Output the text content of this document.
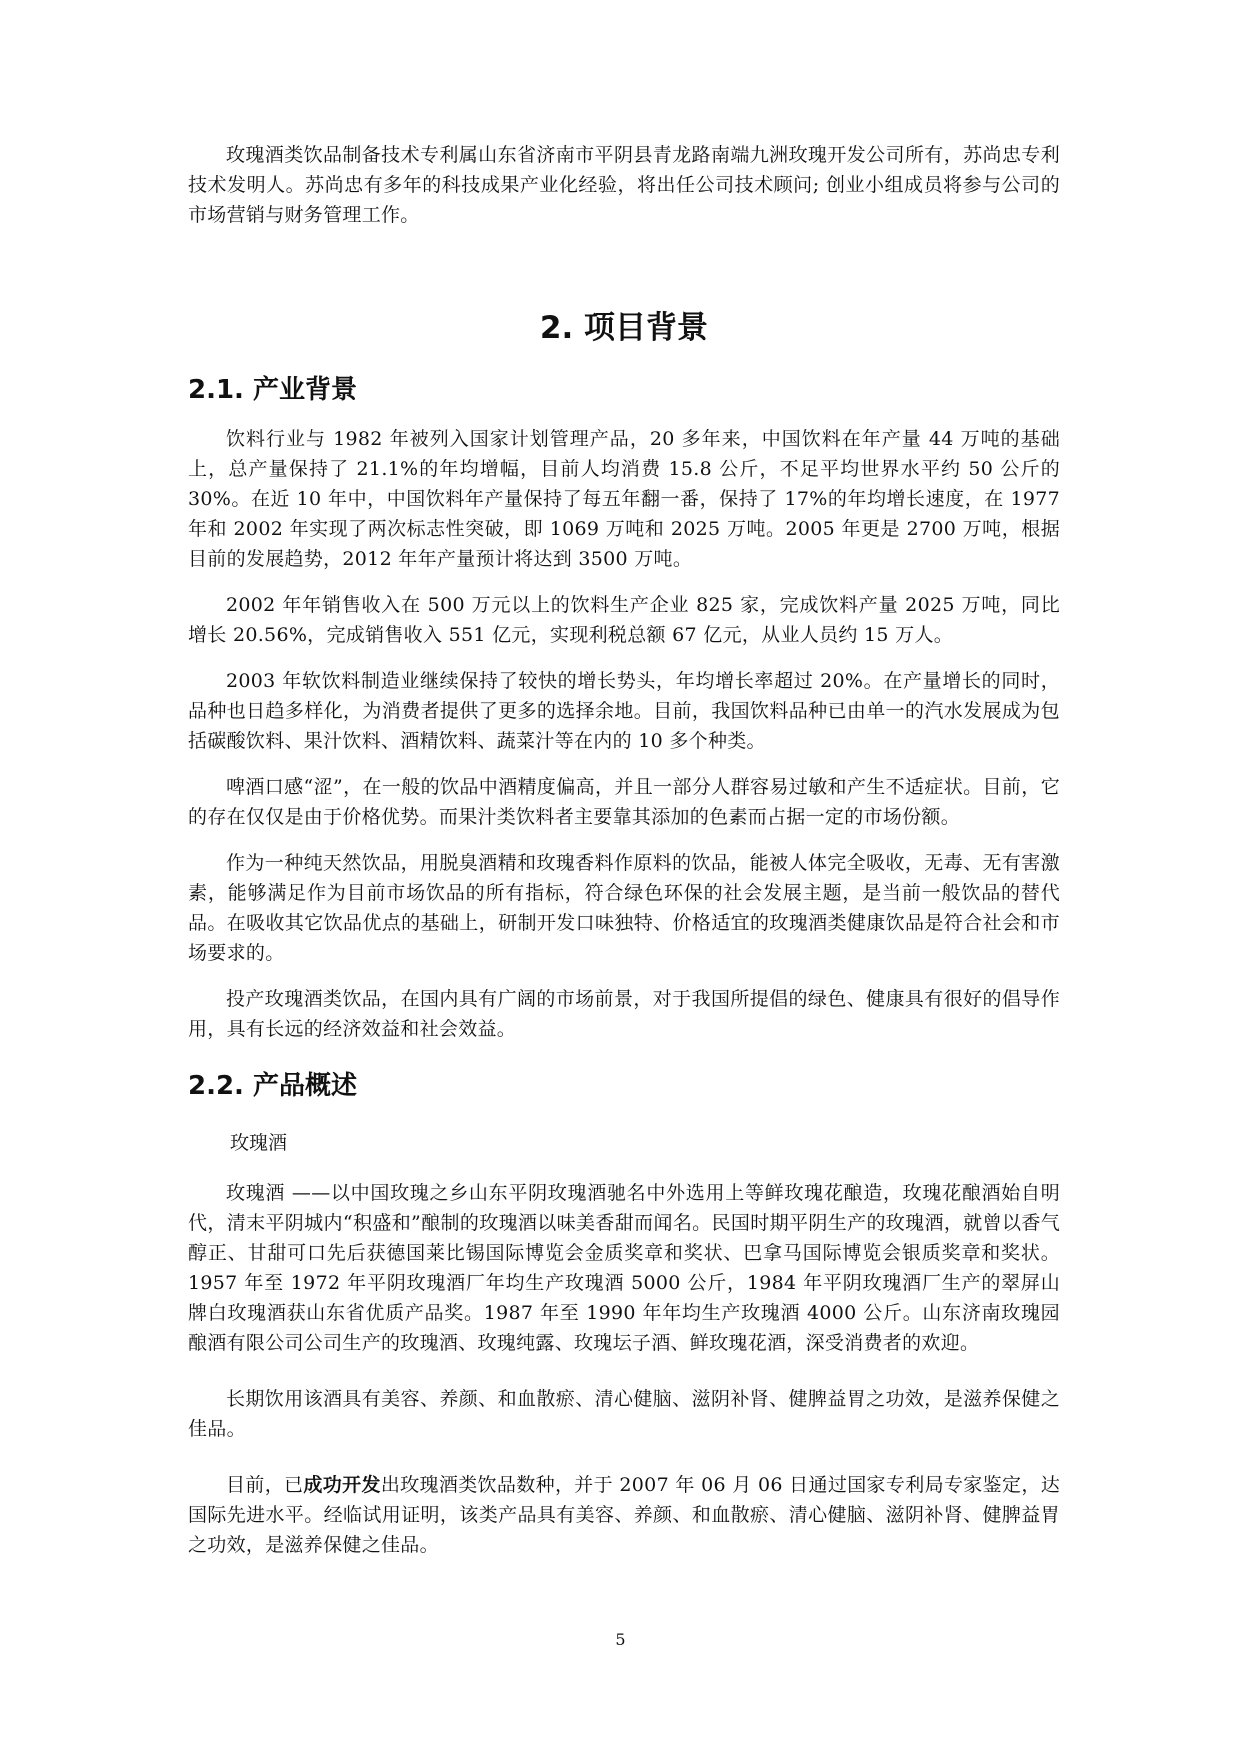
玫瑰酒类饮品制备技术专利属山东省济南市平阴县青龙路南端九洲玫瑰开发公司所有，苏尚忠专利技术发明人。苏尚忠有多年的科技成果产业化经验，将出任公司技术顾问; 创业小组成员将参与公司的市场营销与财务管理工作。

2. 项目背景
2.1. 产业背景

饮料行业与 1982 年被列入国家计划管理产品，20 多年来，中国饮料在年产量 44 万吨的基础上，总产量保持了 21.1%的年均增幅，目前人均消费 15.8 公斤，不足平均世界水平约 50 公斤的 30%。在近 10 年中，中国饮料年产量保持了每五年翻一番，保持了 17%的年均增长速度，在 1977 年和 2002 年实现了两次标志性突破，即 1069 万吨和 2025 万吨。2005 年更是 2700 万吨，根据目前的发展趋势，2012 年年产量预计将达到 3500 万吨。

2002 年年销售收入在 500 万元以上的饮料生产企业 825 家，完成饮料产量 2025 万吨，同比增长 20.56%，完成销售收入 551 亿元，实现利税总额 67 亿元，从业人员约 15 万人。

2003 年软饮料制造业继续保持了较快的增长势头，年均增长率超过 20%。在产量增长的同时，品种也日趋多样化，为消费者提供了更多的选择余地。目前，我国饮料品种已由单一的汽水发展成为包括碳酸饮料、果汁饮料、酒精饮料、蔬菜汁等在内的 10 多个种类。

啤酒口感“涩”，在一般的饮品中酒精度偏高，并且一部分人群容易过敏和产生不适症状。目前，它的存在仅仅是由于价格优势。而果汁类饮料者主要靠其添加的色素而占据一定的市场份额。

作为一种纯天然饮品，用脱臭酒精和玫瑰香料作原料的饮品，能被人体完全吸收，无毒、无有害激素，能够满足作为目前市场饮品的所有指标，符合绿色环保的社会发展主题，是当前一般饮品的替代品。在吸收其它饮品优点的基础上，研制开发口味独特、价格适宜的玫瑰酒类健康饮品是符合社会和市场要求的。

投产玫瑰酒类饮品，在国内具有广阔的市场前景，对于我国所提倡的绿色、健康具有很好的倡导作用，具有长远的经济效益和社会效益。

2.2. 产品概述
玫瑰酒

玫瑰酒 ——以中国玫瑰之乡山东平阴玫瑰酒驰名中外选用上等鲜玫瑰花酿造，玫瑰花酿酒始自明代，清末平阴城内“积盛和”酿制的玫瑰酒以味美香甜而闻名。民国时期平阴生产的玫瑰酒，就曾以香气醇正、甘甜可口先后获德国莱比锡国际博览会金质奖章和奖状、巴拿马国际博览会银质奖章和奖状。1957 年至 1972 年平阴玫瑰酒厂年均生产玫瑰酒 5000 公斤，1984 年平阴玫瑰酒厂生产的翠屏山牌白玫瑰酒获山东省优质产品奖。1987 年至 1990 年年均生产玫瑰酒 4000 公斤。山东济南玫瑰园酿酒有限公司公司生产的玫瑰酒、玫瑰纯露、玫瑰坛子酒、鲜玫瑰花酒，深受消费者的欢迎。

长期饮用该酒具有美容、养颜、和血散瘀、清心健脑、滋阴补肾、健脾益胃之功效，是滋养保健之佳品。

目前，已成功开发出玫瑰酒类饮品数种，并于 2007 年 06 月 06 日通过国家专利局专家鉴定，达国际先进水平。经临试用证明，该类产品具有美容、养颜、和血散瘀、清心健脑、滋阴补肾、健脾益胃之功效，是滋养保健之佳品。

5
